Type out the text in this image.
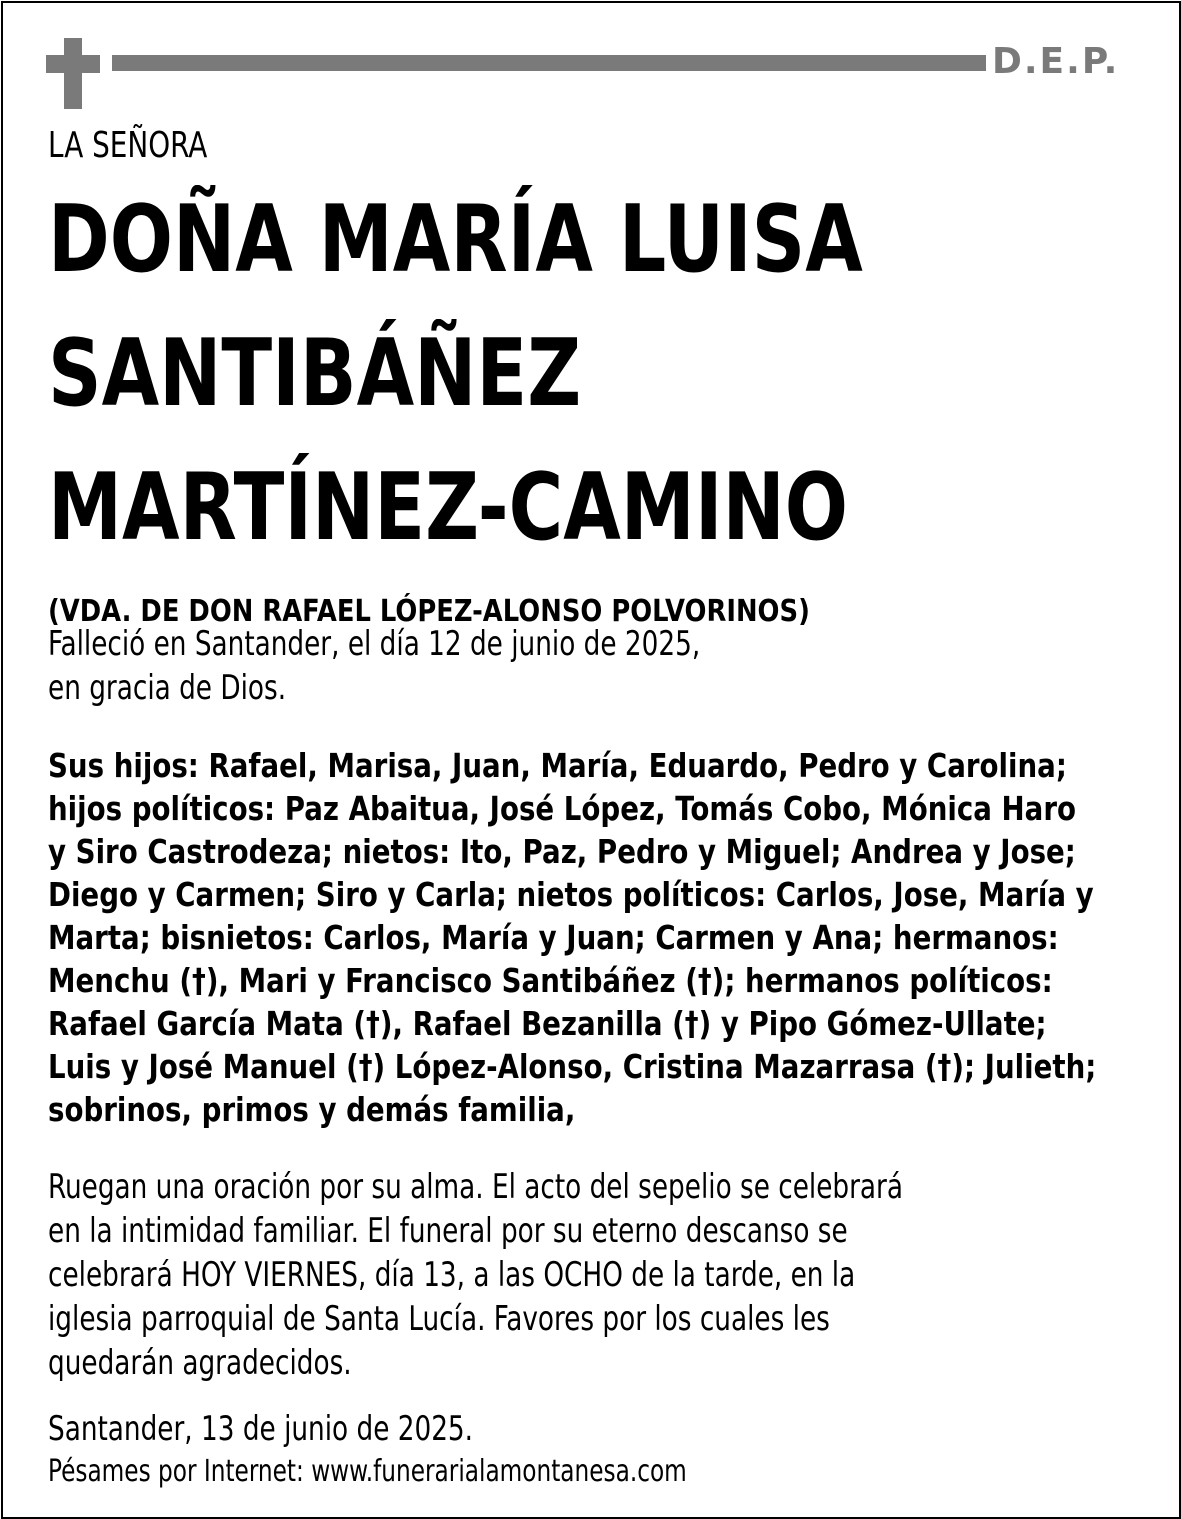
D.E.P.
LA SEÑORA
DOÑA MARÍA LUISA
SANTIBÁÑEZ
MARTÍNEZ-CAMINO
(VDA. DE DON RAFAEL LÓPEZ-ALONSO POLVORINOS)
Falleció en Santander, el día 12 de junio de 2025,
en gracia de Dios.
Sus hijos: Rafael, Marisa, Juan, María, Eduardo, Pedro y Carolina;
hijos políticos: Paz Abaitua, José López, Tomás Cobo, Mónica Haro
y Siro Castrodeza; nietos: Ito, Paz, Pedro y Miguel; Andrea y Jose;
Diego y Carmen; Siro y Carla; nietos políticos: Carlos, Jose, María y
Marta; bisnietos: Carlos, María y Juan; Carmen y Ana; hermanos:
Menchu (†), Mari y Francisco Santibáñez (†); hermanos políticos:
Rafael García Mata (†), Rafael Bezanilla (†) y Pipo Gómez-Ullate;
Luis y José Manuel (†) López-Alonso, Cristina Mazarrasa (†); Julieth;
sobrinos, primos y demás familia,
Ruegan una oración por su alma. El acto del sepelio se celebrará
en la intimidad familiar. El funeral por su eterno descanso se
celebrará HOY VIERNES, día 13, a las OCHO de la tarde, en la
iglesia parroquial de Santa Lucía. Favores por los cuales les
quedarán agradecidos.
Santander, 13 de junio de 2025.
Pésames por Internet: www.funerarialamontanesa.com
